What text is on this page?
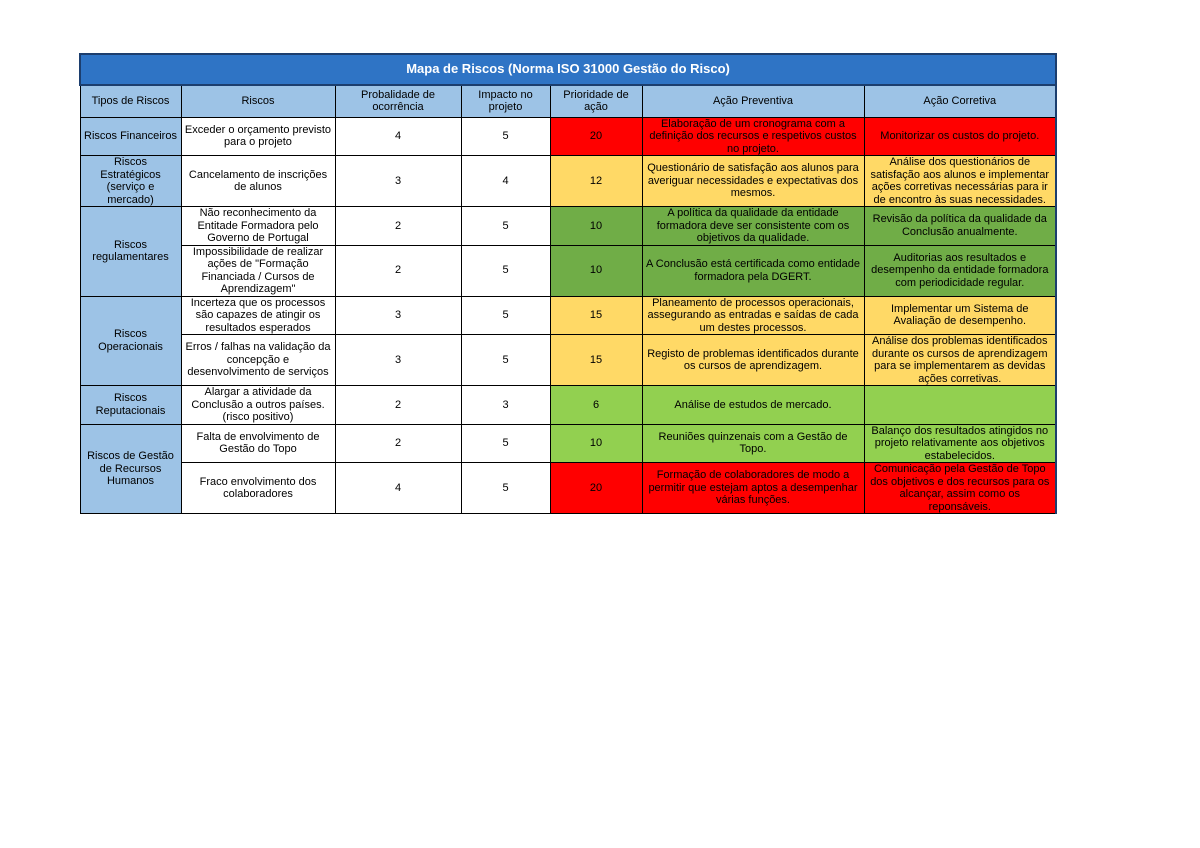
Mapa de Riscos (Norma ISO 31000 Gestão do Risco)						
Tipos de Riscos	Riscos	Probalidade de ocorrência	Impacto no projeto	Prioridade de ação	Ação Preventiva	Ação Corretiva
Riscos Financeiros	Exceder o orçamento previsto para o projeto	4	5	20	Elaboração de um cronograma com a definição dos recursos e respetivos custos no projeto.	Monitorizar os custos do projeto.
Riscos Estratégicos (serviço e mercado)	Cancelamento de inscrições de alunos	3	4	12	Questionário de satisfação aos alunos para averiguar necessidades e expectativas dos mesmos.	Análise dos questionários de satisfação aos alunos e implementar ações corretivas necessárias para ir de encontro às suas necessidades.
Riscos regulamentares	Não reconhecimento da Entitade Formadora pelo Governo de Portugal	2	5	10	A política da qualidade da entidade formadora deve ser consistente com os objetivos da qualidade.	Revisão da política da qualidade da Conclusão anualmente.
	Impossibilidade de realizar ações de "Formação Financiada / Cursos de Aprendizagem"	2	5	10	A Conclusão está certificada como entidade formadora pela DGERT.	Auditorias aos resultados e desempenho da entidade formadora com periodicidade regular.
Riscos Operacionais	Incerteza que os processos são capazes de atingir os resultados esperados	3	5	15	Planeamento de processos operacionais, assegurando as entradas e saídas de cada um destes processos.	Implementar um Sistema de Avaliação de desempenho.
	Erros / falhas na validação da concepção e desenvolvimento de serviços	3	5	15	Registo de problemas identificados durante os cursos de aprendizagem.	Análise dos problemas identificados durante os cursos de aprendizagem para se implementarem as devidas ações corretivas.
Riscos Reputacionais	Alargar a atividade da Conclusão a outros países. (risco positivo)	2	3	6	Análise de estudos de mercado.	
Riscos de Gestão de Recursos Humanos	Falta de envolvimento de Gestão do Topo	2	5	10	Reuniões quinzenais com a Gestão de Topo.	Balanço dos resultados atingidos no projeto relativamente aos objetivos estabelecidos.
	Fraco envolvimento dos colaboradores	4	5	20	Formação de colaboradores de modo a permitir que estejam aptos a desempenhar várias funções.	Comunicação pela Gestão de Topo dos objetivos e dos recursos para os alcançar, assim como os reponsáveis.
